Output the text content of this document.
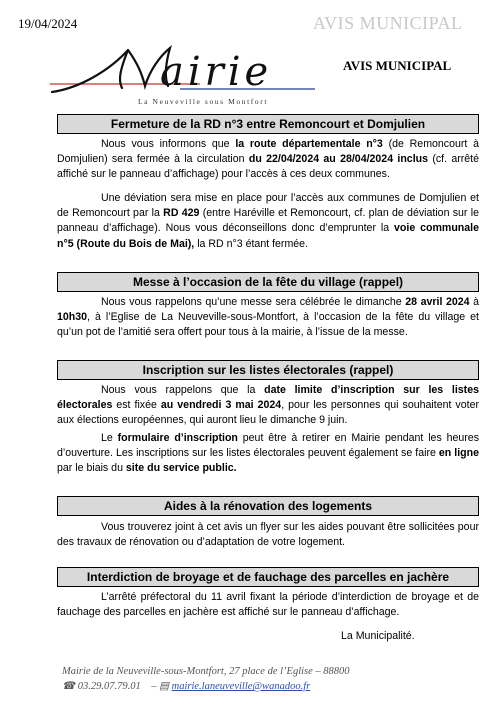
19/04/2024	AVIS MUNICIPAL
airie
La Neuveville sous Montfort
AVIS MUNICIPAL
Fermeture de la RD n°3 entre Remoncourt et Domjulien

Nous vous informons que la route départementale n°3 (de Remoncourt à Domjulien) sera fermée à la circulation du 22/04/2024 au 28/04/2024 inclus (cf. arrêté affiché sur le panneau d’affichage) pour l’accès à ces deux communes.

Une déviation sera mise en place pour l’accès aux communes de Domjulien et de Remoncourt par la RD 429 (entre Haréville et Remoncourt, cf. plan de déviation sur le panneau d’affichage). Nous vous déconseillons donc d’emprunter la voie communale n°5 (Route du Bois de Mai), la RD n°3 étant fermée.

Messe à l’occasion de la fête du village (rappel)

Nous vous rappelons qu’une messe sera célébrée le dimanche 28 avril 2024 à 10h30, à l’Eglise de La Neuveville-sous-Montfort, à l’occasion de la fête du village et qu’un pot de l’amitié sera offert pour tous à la mairie, à l’issue de la messe.

Inscription sur les listes électorales (rappel)

Nous vous rappelons que la date limite d’inscription sur les listes électorales est fixée au vendredi 3 mai 2024, pour les personnes qui souhaitent voter aux élections européennes, qui auront lieu le dimanche 9 juin.

Le formulaire d’inscription peut être à retirer en Mairie pendant les heures d’ouverture. Les inscriptions sur les listes électorales peuvent également se faire en ligne par le biais du site du service public.

Aides à la rénovation des logements

Vous trouverez joint à cet avis un flyer sur les aides pouvant être sollicitées pour des travaux de rénovation ou d’adaptation de votre logement.

Interdiction de broyage et de fauchage des parcelles en jachère

L’arrêté préfectoral du 11 avril fixant la période d’interdiction de broyage et de fauchage des parcelles en jachère est affiché sur le panneau d’affichage.

La Municipalité.
Mairie de la Neuveville-sous-Montfort, 27 place de l’Eglise – 88800
☎ 03.29.07.79.01 – ▤ mairie.laneuveville@wanadoo.fr
